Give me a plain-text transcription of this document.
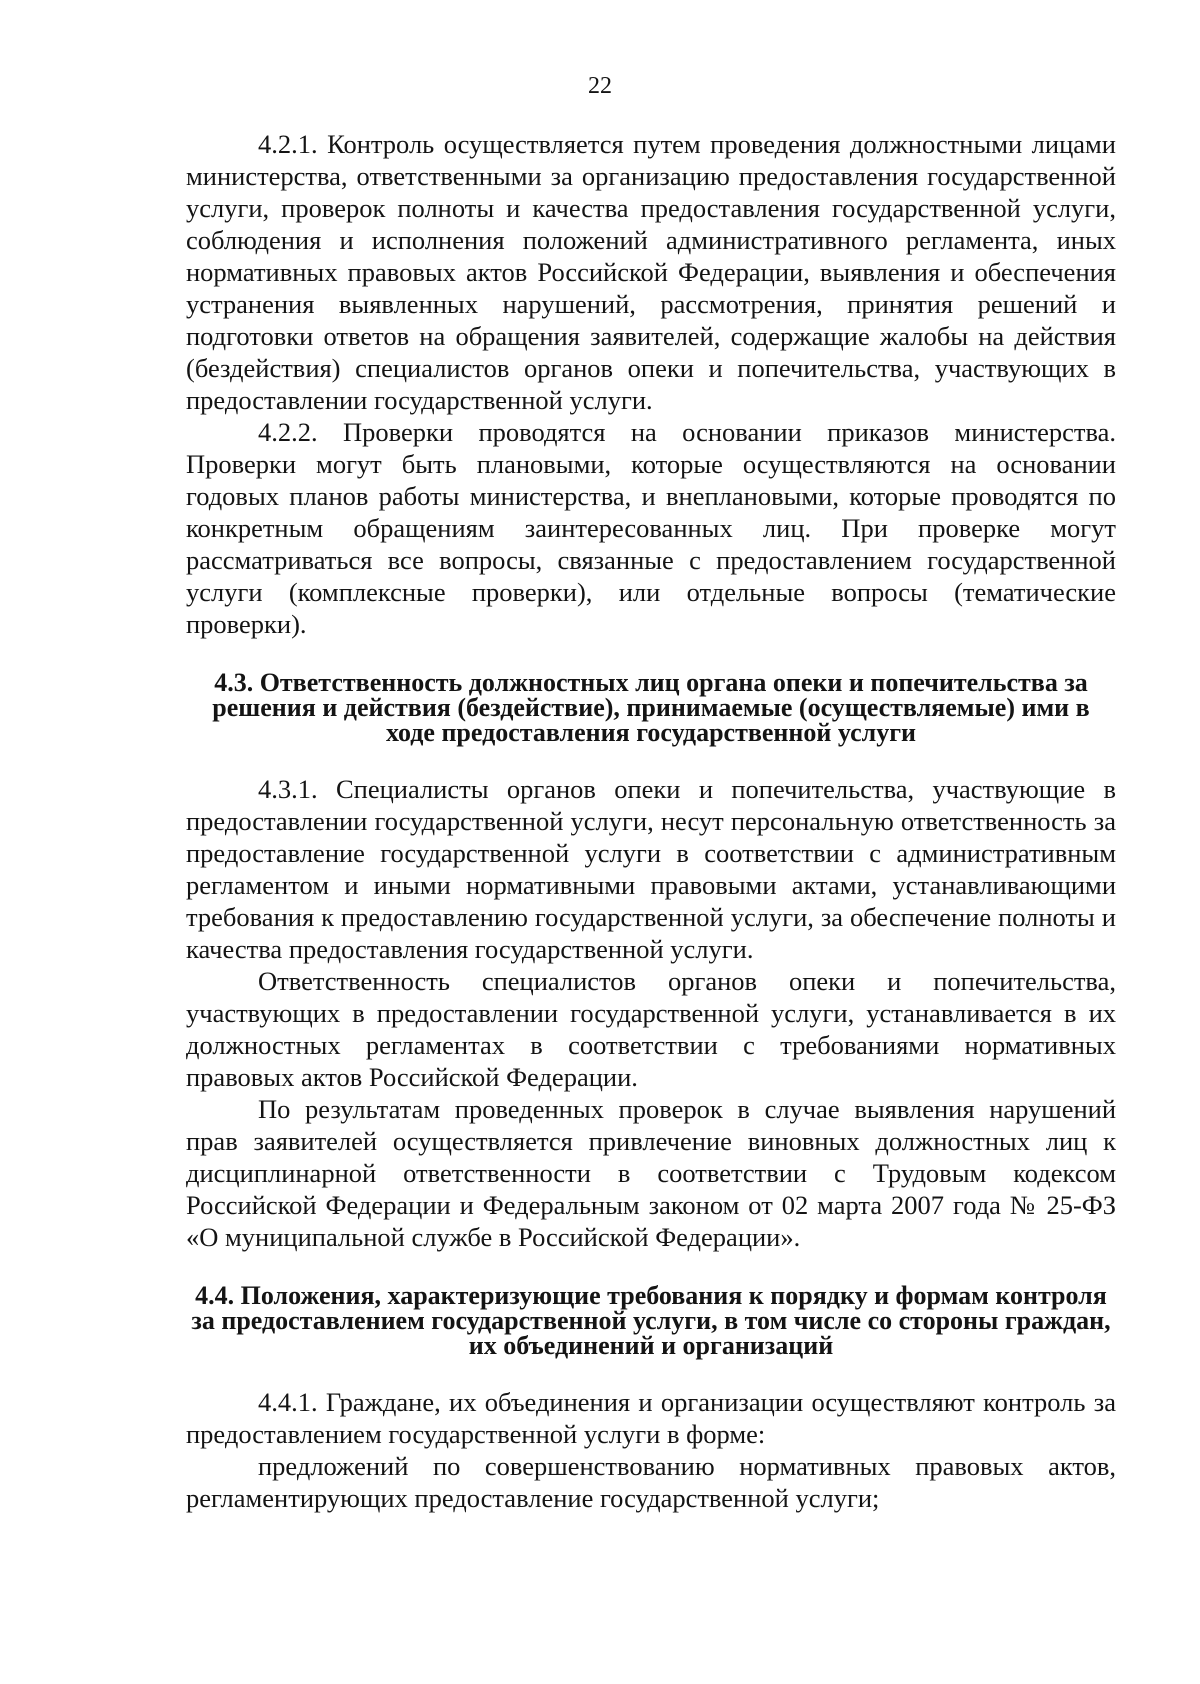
22

4.2.1. Контроль осуществляется путем проведения должностными лицами министерства, ответственными за организацию предоставления государственной услуги, проверок полноты и качества предоставления государственной услуги, соблюдения и исполнения положений административного регламента, иных нормативных правовых актов Российской Федерации, выявления и обеспечения устранения выявленных нарушений, рассмотрения, принятия решений и подготовки ответов на обращения заявителей, содержащие жалобы на действия (бездействия) специалистов органов опеки и попечительства, участвующих в предоставлении государственной услуги.

4.2.2. Проверки проводятся на основании приказов министерства. Проверки могут быть плановыми, которые осуществляются на основании годовых планов работы министерства, и внеплановыми, которые проводятся по конкретным обращениям заинтересованных лиц. При проверке могут рассматриваться все вопросы, связанные с предоставлением государственной услуги (комплексные проверки), или отдельные вопросы (тематические проверки).

4.3. Ответственность должностных лиц органа опеки и попечительства за решения и действия (бездействие), принимаемые (осуществляемые) ими в ходе предоставления государственной услуги

4.3.1. Специалисты органов опеки и попечительства, участвующие в предоставлении государственной услуги, несут персональную ответственность за предоставление государственной услуги в соответствии с административным регламентом и иными нормативными правовыми актами, устанавливающими требования к предоставлению государственной услуги, за обеспечение полноты и качества предоставления государственной услуги.

Ответственность специалистов органов опеки и попечительства, участвующих в предоставлении государственной услуги, устанавливается в их должностных регламентах в соответствии с требованиями нормативных правовых актов Российской Федерации.

По результатам проведенных проверок в случае выявления нарушений прав заявителей осуществляется привлечение виновных должностных лиц к дисциплинарной ответственности в соответствии с Трудовым кодексом Российской Федерации и Федеральным законом от 02 марта 2007 года № 25-ФЗ «О муниципальной службе в Российской Федерации».

4.4. Положения, характеризующие требования к порядку и формам контроля за предоставлением государственной услуги, в том числе со стороны граждан, их объединений и организаций

4.4.1. Граждане, их объединения и организации осуществляют контроль за предоставлением государственной услуги в форме:

предложений по совершенствованию нормативных правовых актов, регламентирующих предоставление государственной услуги;
